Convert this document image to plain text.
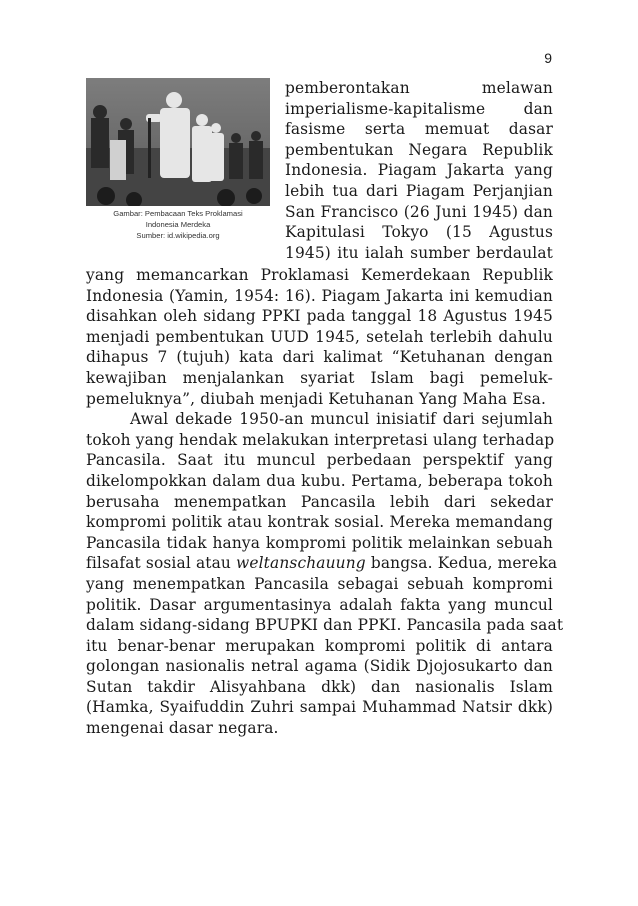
9
Gambar: Pembacaan Teks Proklamasi
Indonesia Merdeka
Sumber: id.wikipedia.org
pemberontakan melawan
imperialisme-kapitalisme dan
fasisme serta memuat dasar
pembentukan Negara Republik
Indonesia. Piagam Jakarta yang
lebih tua dari Piagam Perjanjian
San Francisco (26 Juni 1945) dan
Kapitulasi Tokyo (15 Agustus
1945) itu ialah sumber berdaulat
yang memancarkan Proklamasi Kemerdekaan Republik
Indonesia (Yamin, 1954: 16). Piagam Jakarta ini kemudian
disahkan oleh sidang PPKI pada tanggal 18 Agustus 1945
menjadi pembentukan UUD 1945, setelah terlebih dahulu
dihapus 7 (tujuh) kata dari kalimat “Ketuhanan dengan
kewajiban menjalankan syariat Islam bagi pemeluk-
pemeluknya”, diubah menjadi Ketuhanan Yang Maha Esa.
Awal dekade 1950-an muncul inisiatif dari sejumlah
tokoh yang hendak melakukan interpretasi ulang terhadap
Pancasila. Saat itu muncul perbedaan perspektif yang
dikelompokkan dalam dua kubu. Pertama, beberapa tokoh
berusaha menempatkan Pancasila lebih dari sekedar
kompromi politik atau kontrak sosial. Mereka memandang
Pancasila tidak hanya kompromi politik melainkan sebuah
filsafat sosial atau weltanschauung bangsa. Kedua, mereka
yang menempatkan Pancasila sebagai sebuah kompromi
politik. Dasar argumentasinya adalah fakta yang muncul
dalam sidang-sidang BPUPKI dan PPKI. Pancasila pada saat
itu benar-benar merupakan kompromi politik di antara
golongan nasionalis netral agama (Sidik Djojosukarto dan
Sutan takdir Alisyahbana dkk) dan nasionalis Islam
(Hamka, Syaifuddin Zuhri sampai Muhammad Natsir dkk)
mengenai dasar negara.
